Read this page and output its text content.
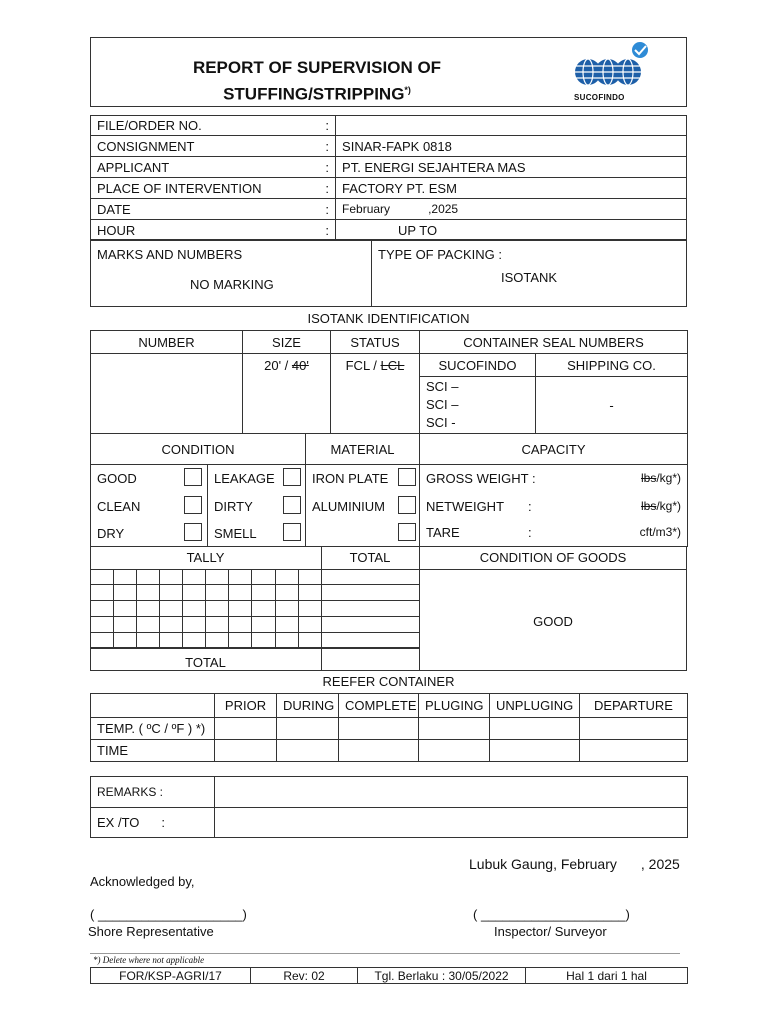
REPORT OF SUPERVISION OF
STUFFING/STRIPPING*)
SUCOFINDO
FILE/ORDER NO. :	

CONSIGNMENT :	SINAR-FAPK 0818
APPLICANT :	PT. ENERGI SEJAHTERA MAS
PLACE OF INTERVENTION :	FACTORY PT. ESM
DATE :	February ,2025
HOUR :	UP TO
MARKS AND NUMBERS
NO MARKING
TYPE OF PACKING :
ISOTANK
ISOTANK IDENTIFICATION
NUMBER	SIZE	STATUS	CONTAINER SEAL NUMBERS	
	20' / 40'	FCL / LCL	SUCOFINDO	SHIPPING CO.

			SCI –
SCI –
SCI -	-
CONDITION				MATERIAL		CAPACITY
GOOD		LEAKAGE		IRON PLATE		GROSS WEIGHT : lbs/kg*)

CLEAN		DIRTY		ALUMINIUM		NETWEIGHT : lbs/kg*)

DRY		SMELL				TARE : cft/m3*)
TALLY	TOTAL	CONDITION OF GOODS
GOOD
TOTAL
REEFER CONTAINER
	PRIOR	DURING	COMPLETE	PLUGING	UNPLUGING	DEPARTURE
TEMP. ( ºC / ºF ) *)						
TIME						
REMARKS :	
EX /TO :	
Lubuk Gaung, February , 2025
Acknowledged by,
( ____________________)	( ____________________)
Shore Representative	Inspector/ Surveyor
*) Delete where not applicable
FOR/KSP-AGRI/17	Rev: 02	Tgl. Berlaku : 30/05/2022	Hal 1 dari 1 hal
